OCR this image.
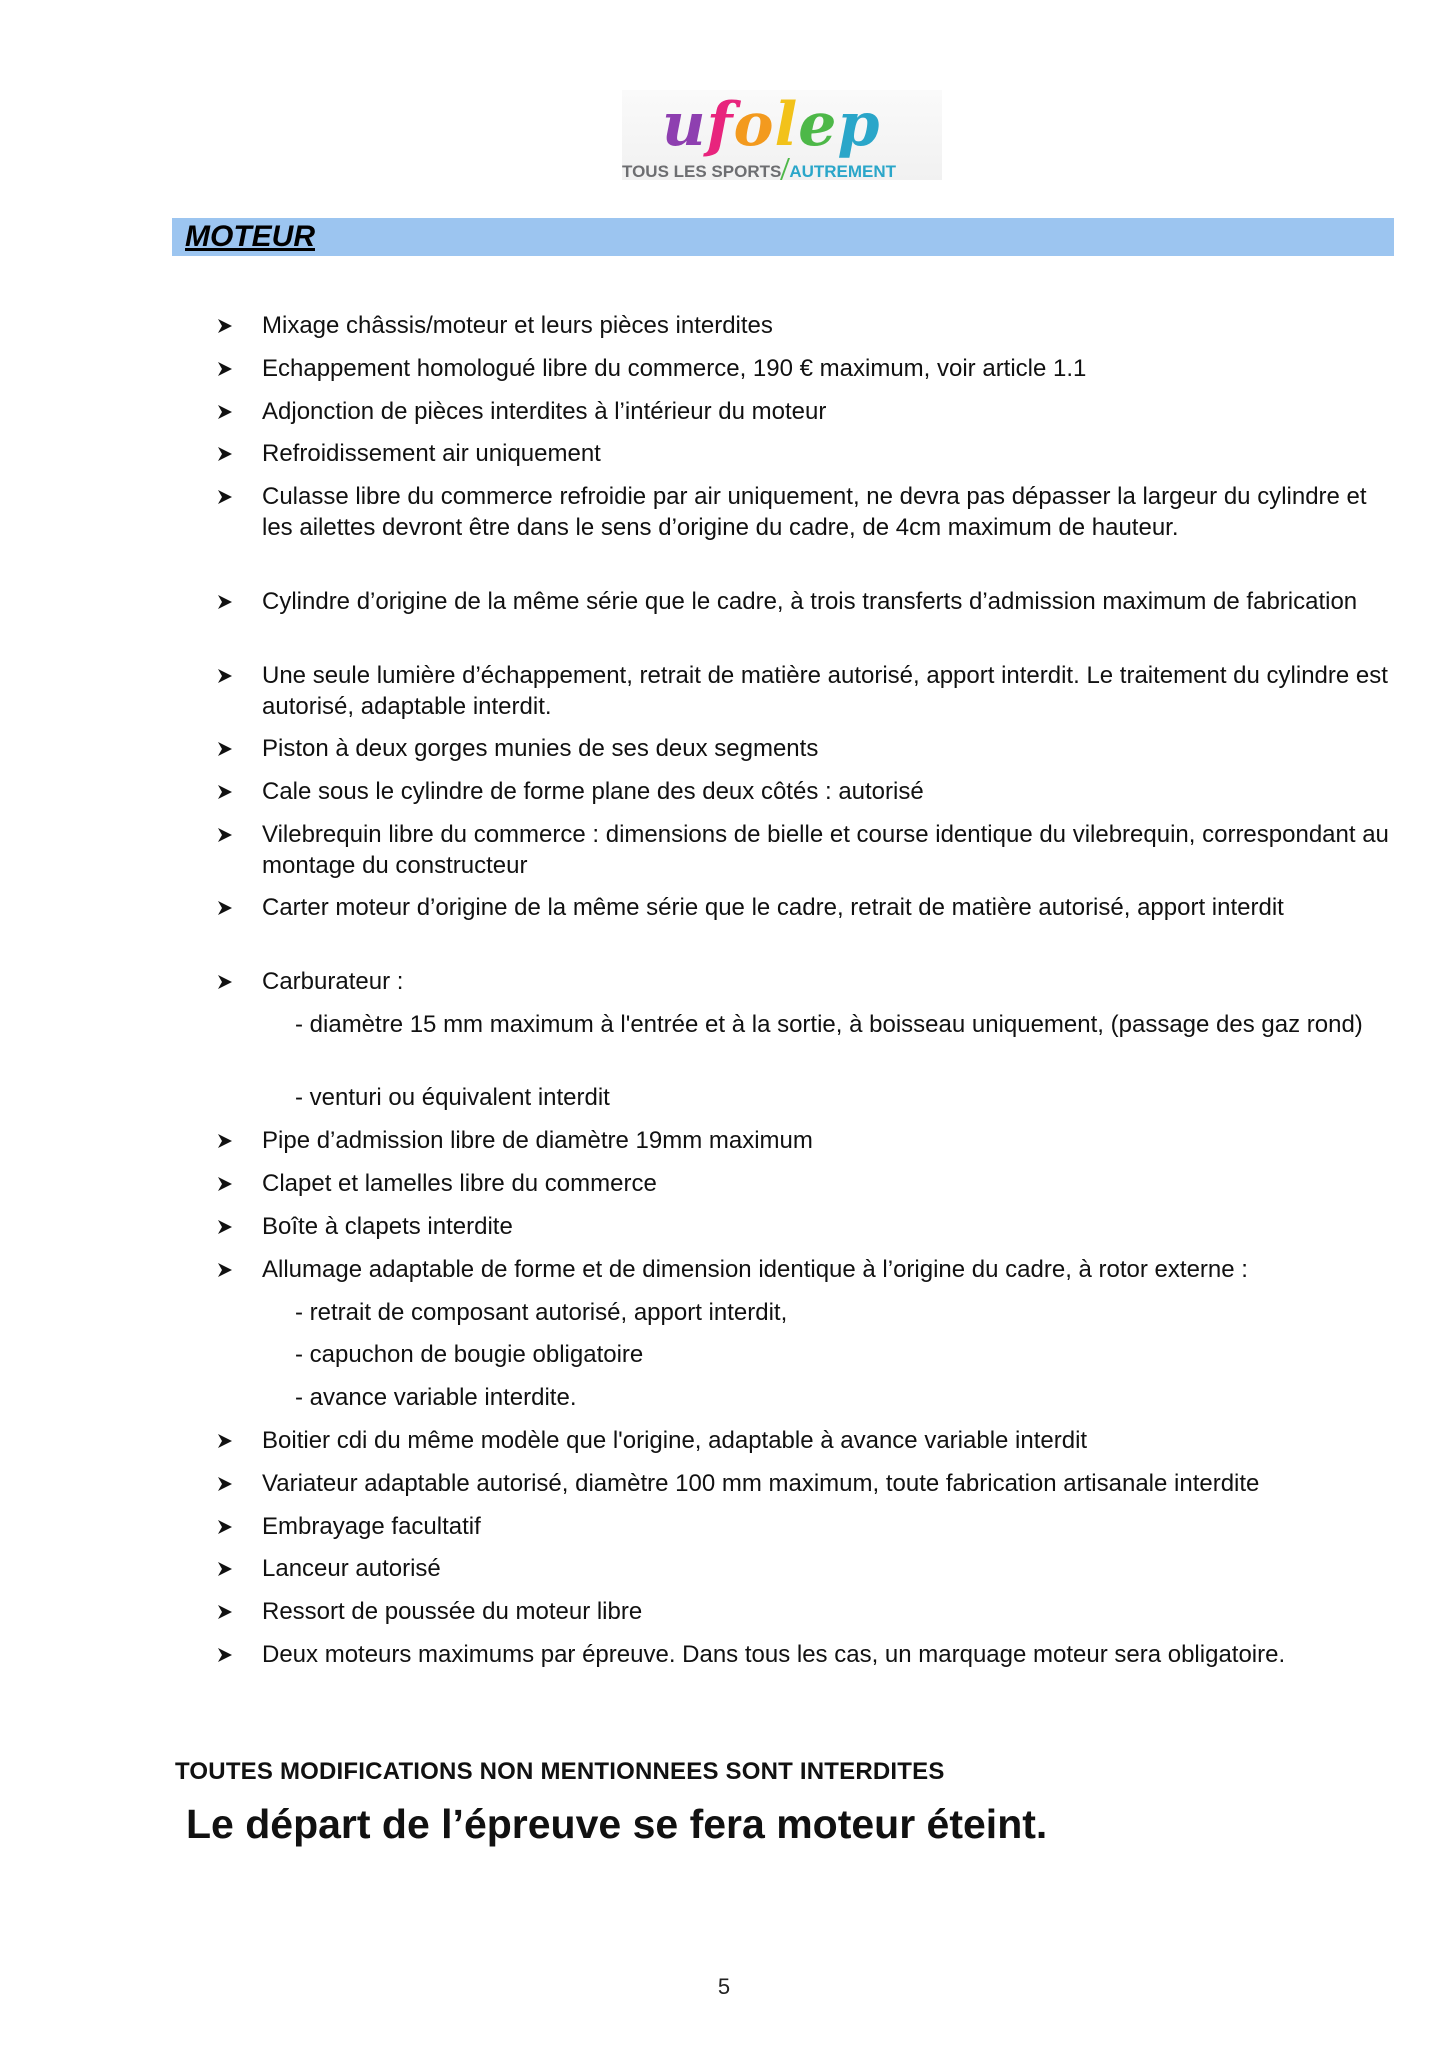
ufolep
TOUS LES SPORTS AUTREMENT
MOTEUR
Mixage châssis/moteur et leurs pièces interdites
Echappement homologué libre du commerce, 190 € maximum, voir article 1.1
Adjonction de pièces interdites à l’intérieur du moteur
Refroidissement air uniquement
Culasse libre du commerce refroidie par air uniquement, ne devra pas dépasser la largeur du cylindre et les ailettes devront être dans le sens d’origine du cadre, de 4cm maximum de hauteur.
Cylindre d’origine de la même série que le cadre, à trois transferts d’admission maximum de fabrication
Une seule lumière d’échappement, retrait de matière autorisé, apport interdit. Le traitement du cylindre est autorisé, adaptable interdit.
Piston à deux gorges munies de ses deux segments
Cale sous le cylindre de forme plane des deux côtés : autorisé
Vilebrequin libre du commerce : dimensions de bielle et course identique du vilebrequin, correspondant au montage du constructeur
Carter moteur d’origine de la même série que le cadre, retrait de matière autorisé, apport interdit
Carburateur :
- diamètre 15 mm maximum à l'entrée et à la sortie, à boisseau uniquement, (passage des gaz rond)
- venturi ou équivalent interdit
Pipe d’admission libre de diamètre 19mm maximum
Clapet et lamelles libre du commerce
Boîte à clapets interdite
Allumage adaptable de forme et de dimension identique à l’origine du cadre, à rotor externe :
- retrait de composant autorisé, apport interdit,
- capuchon de bougie obligatoire
- avance variable interdite.
Boitier cdi du même modèle que l'origine, adaptable à avance variable interdit
Variateur adaptable autorisé, diamètre 100 mm maximum, toute fabrication artisanale interdite
Embrayage facultatif
Lanceur autorisé
Ressort de poussée du moteur libre
Deux moteurs maximums par épreuve. Dans tous les cas, un marquage moteur sera obligatoire.
TOUTES MODIFICATIONS NON MENTIONNEES SONT INTERDITES
Le départ de l’épreuve se fera moteur éteint.
5
